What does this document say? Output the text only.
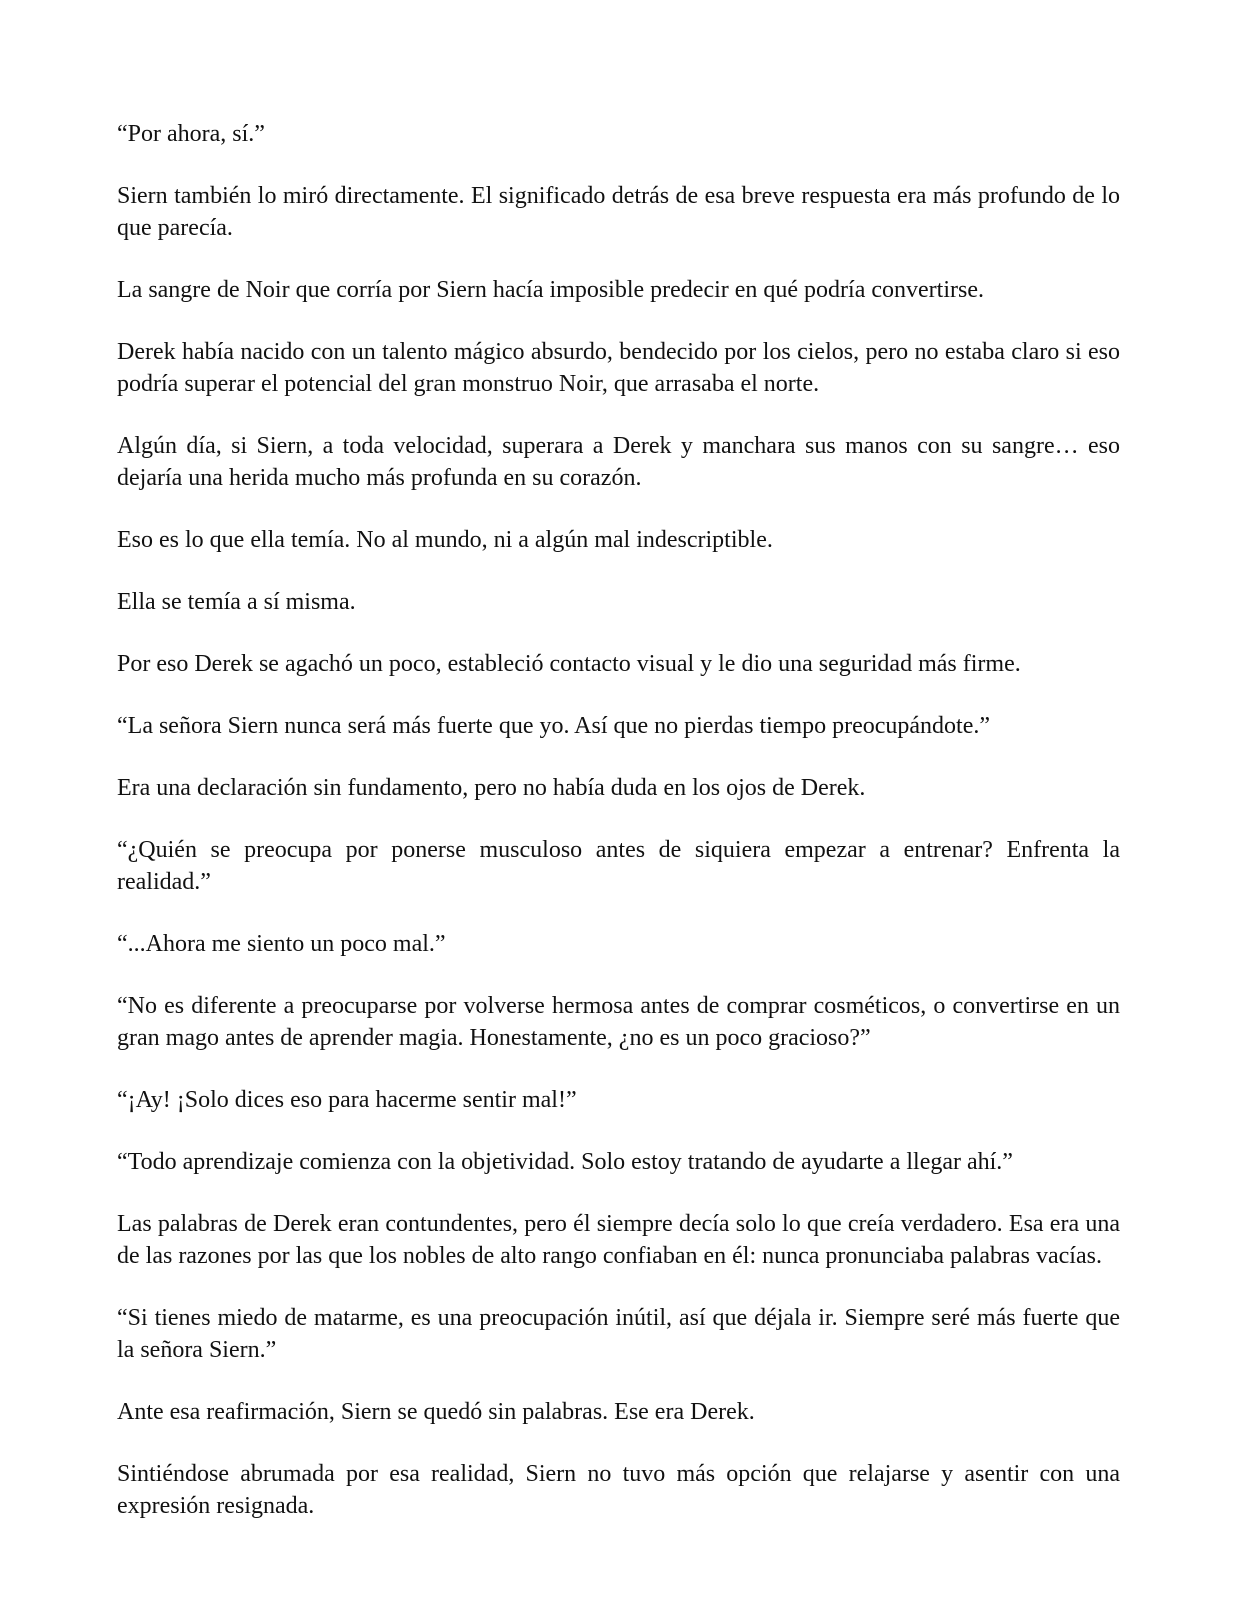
“Por ahora, sí.”

Siern también lo miró directamente. El significado detrás de esa breve respuesta era más profundo de lo que parecía.

La sangre de Noir que corría por Siern hacía imposible predecir en qué podría convertirse.

Derek había nacido con un talento mágico absurdo, bendecido por los cielos, pero no estaba claro si eso podría superar el potencial del gran monstruo Noir, que arrasaba el norte.

Algún día, si Siern, a toda velocidad, superara a Derek y manchara sus manos con su sangre… eso dejaría una herida mucho más profunda en su corazón.

Eso es lo que ella temía. No al mundo, ni a algún mal indescriptible.

Ella se temía a sí misma.

Por eso Derek se agachó un poco, estableció contacto visual y le dio una seguridad más firme.

“La señora Siern nunca será más fuerte que yo. Así que no pierdas tiempo preocupándote.”

Era una declaración sin fundamento, pero no había duda en los ojos de Derek.

“¿Quién se preocupa por ponerse musculoso antes de siquiera empezar a entrenar? Enfrenta la realidad.”

“...Ahora me siento un poco mal.”

“No es diferente a preocuparse por volverse hermosa antes de comprar cosméticos, o convertirse en un gran mago antes de aprender magia. Honestamente, ¿no es un poco gracioso?”

“¡Ay! ¡Solo dices eso para hacerme sentir mal!”

“Todo aprendizaje comienza con la objetividad. Solo estoy tratando de ayudarte a llegar ahí.”

Las palabras de Derek eran contundentes, pero él siempre decía solo lo que creía verdadero. Esa era una de las razones por las que los nobles de alto rango confiaban en él: nunca pronunciaba palabras vacías.

“Si tienes miedo de matarme, es una preocupación inútil, así que déjala ir. Siempre seré más fuerte que la señora Siern.”

Ante esa reafirmación, Siern se quedó sin palabras. Ese era Derek.

Sintiéndose abrumada por esa realidad, Siern no tuvo más opción que relajarse y asentir con una expresión resignada.
